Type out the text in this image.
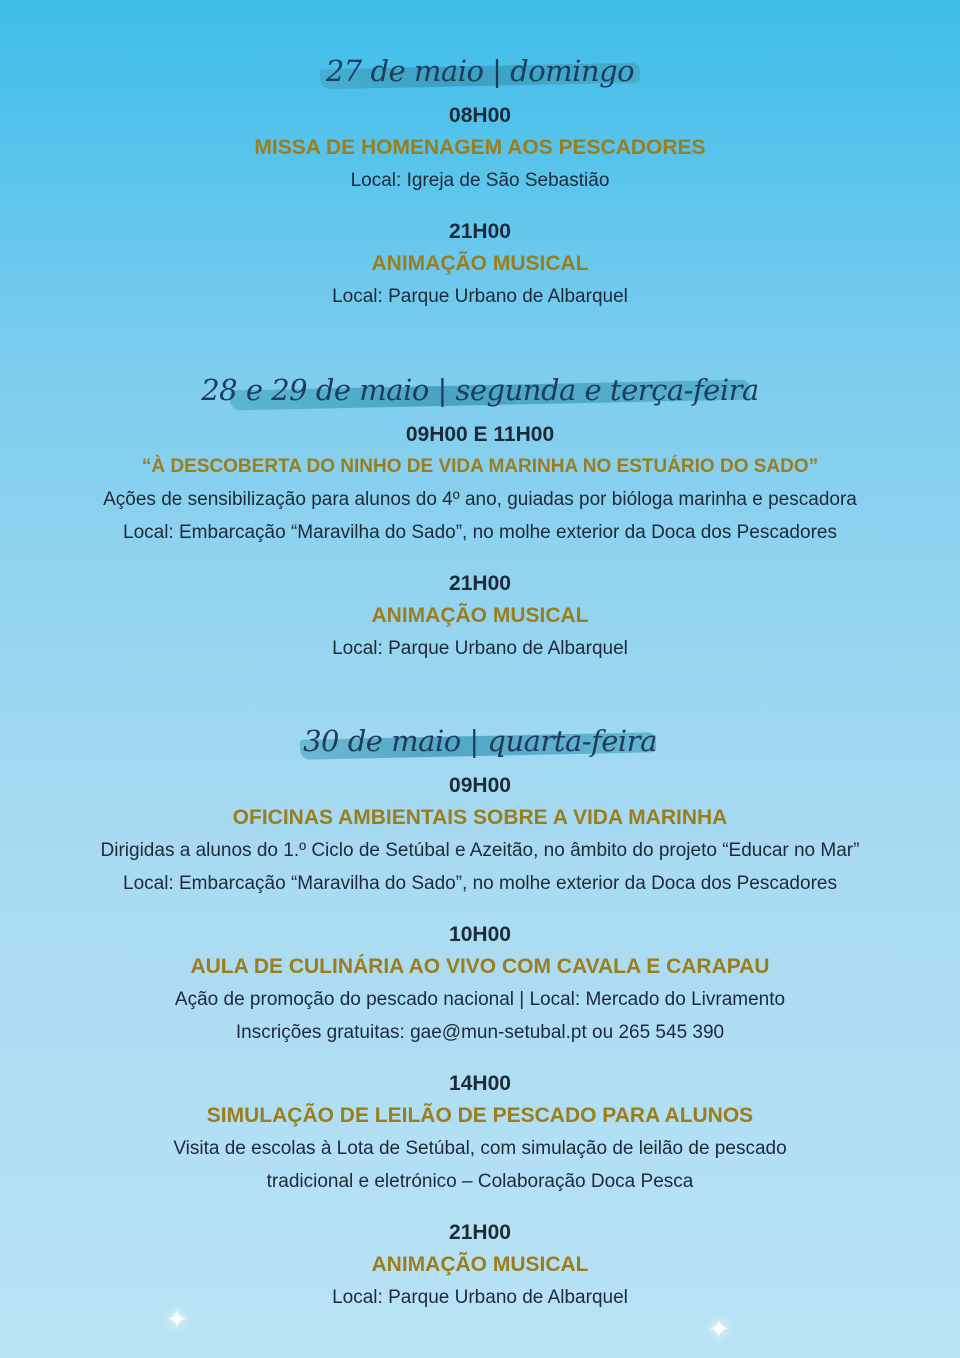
27 de maio | domingo
08H00
MISSA DE HOMENAGEM AOS PESCADORES
Local: Igreja de São Sebastião
21H00
ANIMAÇÃO MUSICAL
Local: Parque Urbano de Albarquel
28 e 29 de maio | segunda e terça-feira
09H00 E 11H00
“À DESCOBERTA DO NINHO DE VIDA MARINHA NO ESTUÁRIO DO SADO”
Ações de sensibilização para alunos do 4º ano, guiadas por bióloga marinha e pescadora
Local: Embarcação “Maravilha do Sado”, no molhe exterior da Doca dos Pescadores
21H00
ANIMAÇÃO MUSICAL
Local: Parque Urbano de Albarquel
30 de maio | quarta-feira
09H00
OFICINAS AMBIENTAIS SOBRE A VIDA MARINHA
Dirigidas a alunos do 1.º Ciclo de Setúbal e Azeitão, no âmbito do projeto “Educar no Mar”
Local: Embarcação “Maravilha do Sado”, no molhe exterior da Doca dos Pescadores
10H00
AULA DE CULINÁRIA AO VIVO COM CAVALA E CARAPAU
Ação de promoção do pescado nacional | Local: Mercado do Livramento
Inscrições gratuitas: gae@mun-setubal.pt ou 265 545 390
14H00
SIMULAÇÃO DE LEILÃO DE PESCADO PARA ALUNOS
Visita de escolas à Lota de Setúbal, com simulação de leilão de pescado
tradicional e eletrónico – Colaboração Doca Pesca
21H00
ANIMAÇÃO MUSICAL
Local: Parque Urbano de Albarquel
✦	✦
